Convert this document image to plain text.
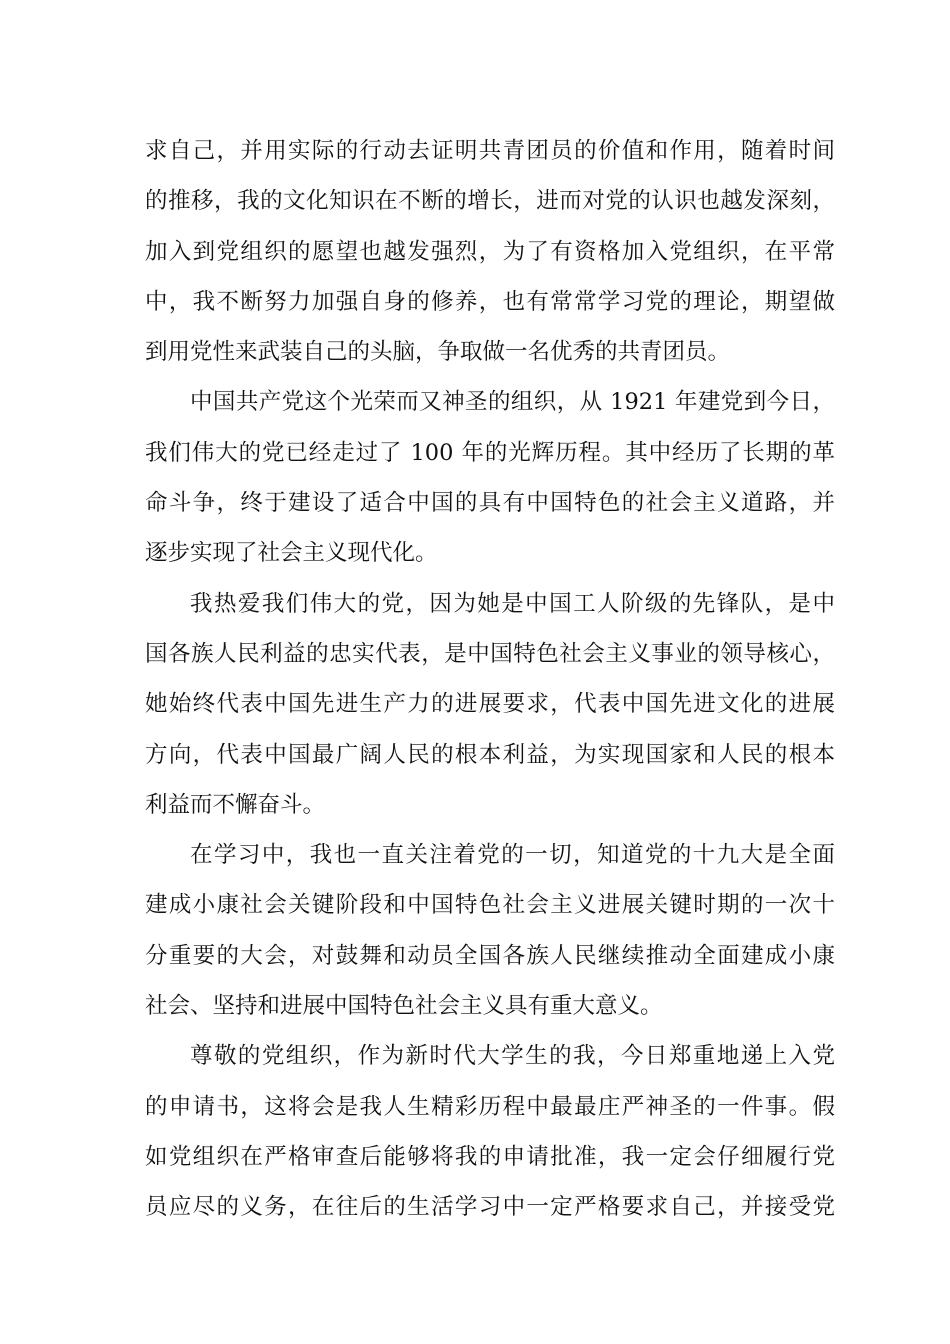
求自己，并用实际的行动去证明共青团员的价值和作用，随着时间
的推移，我的文化知识在不断的增长，进而对党的认识也越发深刻，
加入到党组织的愿望也越发强烈，为了有资格加入党组织，在平常
中，我不断努力加强自身的修养，也有常常学习党的理论，期望做
到用党性来武装自己的头脑，争取做一名优秀的共青团员。
中国共产党这个光荣而又神圣的组织，从 1921 年建党到今日，
我们伟大的党已经走过了 100 年的光辉历程。其中经历了长期的革
命斗争，终于建设了适合中国的具有中国特色的社会主义道路，并
逐步实现了社会主义现代化。
我热爱我们伟大的党，因为她是中国工人阶级的先锋队，是中
国各族人民利益的忠实代表，是中国特色社会主义事业的领导核心，
她始终代表中国先进生产力的进展要求，代表中国先进文化的进展
方向，代表中国最广阔人民的根本利益，为实现国家和人民的根本
利益而不懈奋斗。
在学习中，我也一直关注着党的一切，知道党的十九大是全面
建成小康社会关键阶段和中国特色社会主义进展关键时期的一次十
分重要的大会，对鼓舞和动员全国各族人民继续推动全面建成小康
社会、坚持和进展中国特色社会主义具有重大意义。
尊敬的党组织，作为新时代大学生的我，今日郑重地递上入党
的申请书，这将会是我人生精彩历程中最最庄严神圣的一件事。假
如党组织在严格审查后能够将我的申请批准，我一定会仔细履行党
员应尽的义务，在往后的生活学习中一定严格要求自己，并接受党
